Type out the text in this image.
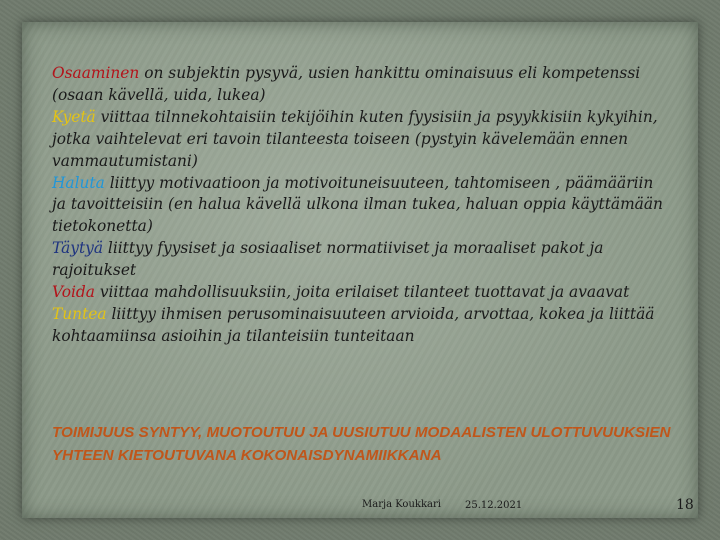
Osaaminen on subjektin pysyvä, usien hankittu ominaisuus eli kompetenssi (osaan kävellä, uida, lukea)

Kyetä viittaa tilnnekohtaisiin tekijöihin kuten fyysisiin ja psyykkisiin kykyihin, jotka vaihtelevat eri tavoin tilanteesta toiseen (pystyin kävelemään ennen vammautumistani)

Haluta liittyy motivaatioon ja motivoituneisuuteen, tahtomiseen , päämääriin ja tavoitteisiin (en halua kävellä ulkona ilman tukea, haluan oppia käyttämään tietokonetta)

Täytyä liittyy fyysiset ja sosiaaliset normatiiviset ja moraaliset pakot ja rajoitukset

Voida viittaa mahdollisuuksiin, joita erilaiset tilanteet tuottavat ja avaavat

Tuntea liittyy ihmisen perusominaisuuteen arvioida, arvottaa, kokea ja liittää kohtaamiinsa asioihin ja tilanteisiin tunteitaan

TOIMIJUUS SYNTYY, MUOTOUTUU JA UUSIUTUU MODAALISTEN ULOTTUVUUKSIEN YHTEEN KIETOUTUVANA KOKONAISDYNAMIIKKANA
Marja Koukkari 25.12.2021	18
